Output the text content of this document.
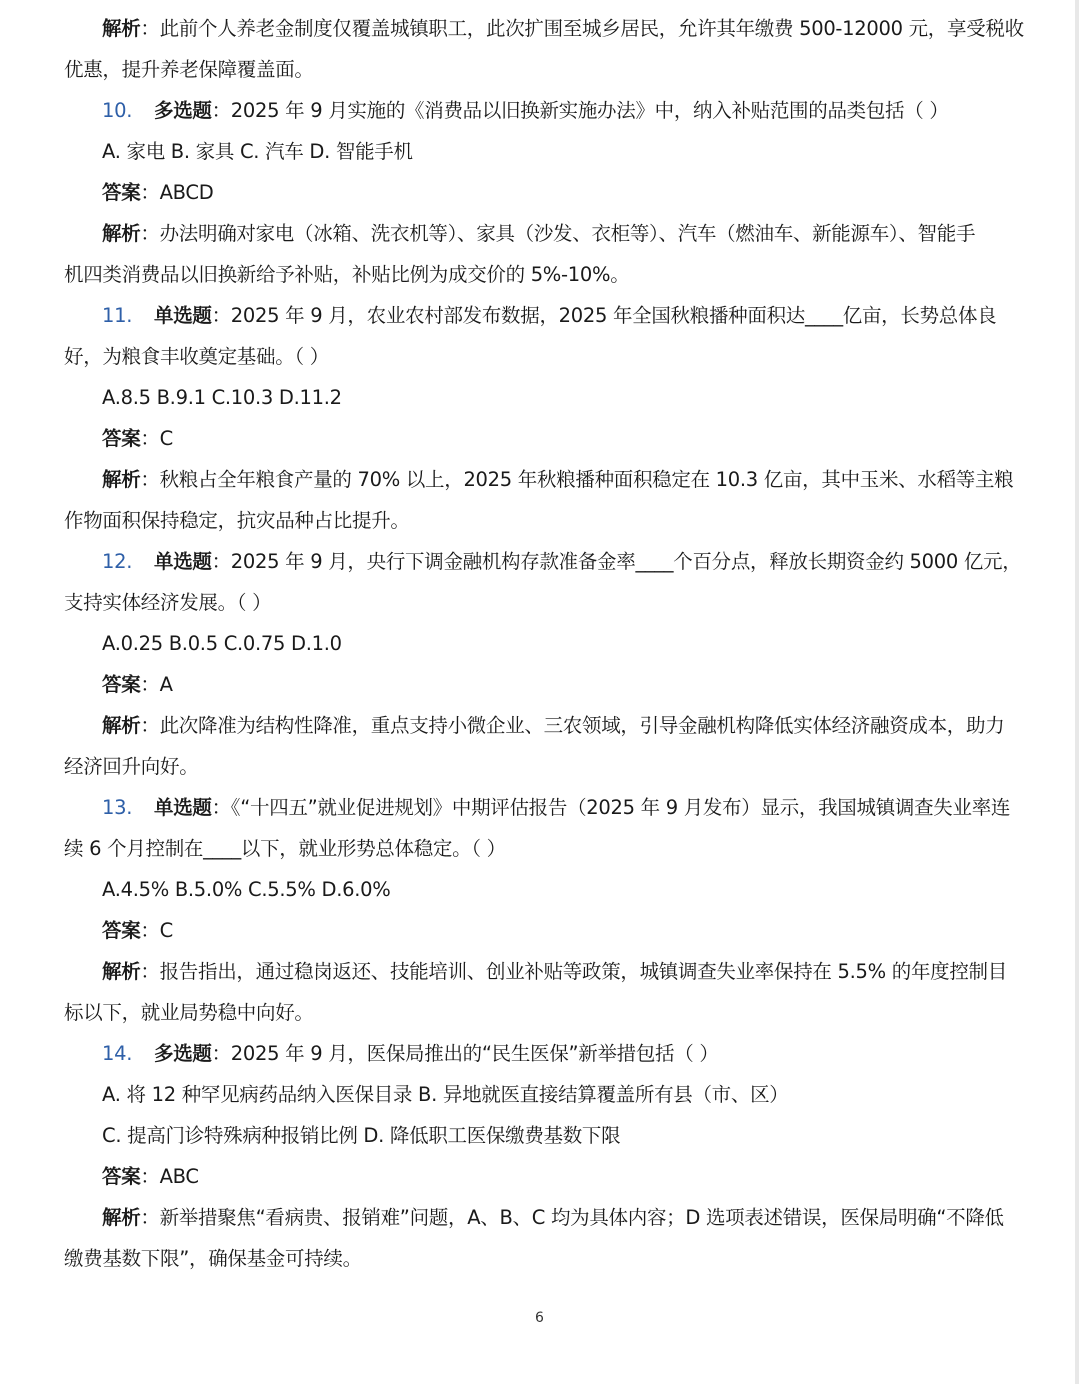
解析：此前个人养老金制度仅覆盖城镇职工，此次扩围至城乡居民，允许其年缴费 500-12000 元，享受税收
优惠，提升养老保障覆盖面。
10. 多选题：2025 年 9 月实施的《消费品以旧换新实施办法》中，纳入补贴范围的品类包括（ ）
A. 家电 B. 家具 C. 汽车 D. 智能手机
答案：ABCD
解析：办法明确对家电（冰箱、洗衣机等）、家具（沙发、衣柜等）、汽车（燃油车、新能源车）、智能手
机四类消费品以旧换新给予补贴，补贴比例为成交价的 5%-10%。
11. 单选题：2025 年 9 月，农业农村部发布数据，2025 年全国秋粮播种面积达____亿亩，长势总体良
好，为粮食丰收奠定基础。（ ）
A.8.5 B.9.1 C.10.3 D.11.2
答案：C
解析：秋粮占全年粮食产量的 70% 以上，2025 年秋粮播种面积稳定在 10.3 亿亩，其中玉米、水稻等主粮
作物面积保持稳定，抗灾品种占比提升。
12. 单选题：2025 年 9 月，央行下调金融机构存款准备金率____个百分点，释放长期资金约 5000 亿元，
支持实体经济发展。（ ）
A.0.25 B.0.5 C.0.75 D.1.0
答案：A
解析：此次降准为结构性降准，重点支持小微企业、三农领域，引导金融机构降低实体经济融资成本，助力
经济回升向好。
13. 单选题：《“十四五”就业促进规划》中期评估报告（2025 年 9 月发布）显示，我国城镇调查失业率连
续 6 个月控制在____以下，就业形势总体稳定。（ ）
A.4.5% B.5.0% C.5.5% D.6.0%
答案：C
解析：报告指出，通过稳岗返还、技能培训、创业补贴等政策，城镇调查失业率保持在 5.5% 的年度控制目
标以下，就业局势稳中向好。
14. 多选题：2025 年 9 月，医保局推出的“民生医保”新举措包括（ ）
A. 将 12 种罕见病药品纳入医保目录 B. 异地就医直接结算覆盖所有县（市、区）
C. 提高门诊特殊病种报销比例 D. 降低职工医保缴费基数下限
答案：ABC
解析：新举措聚焦“看病贵、报销难”问题，A、B、C 均为具体内容；D 选项表述错误，医保局明确“不降低
缴费基数下限”，确保基金可持续。
6
